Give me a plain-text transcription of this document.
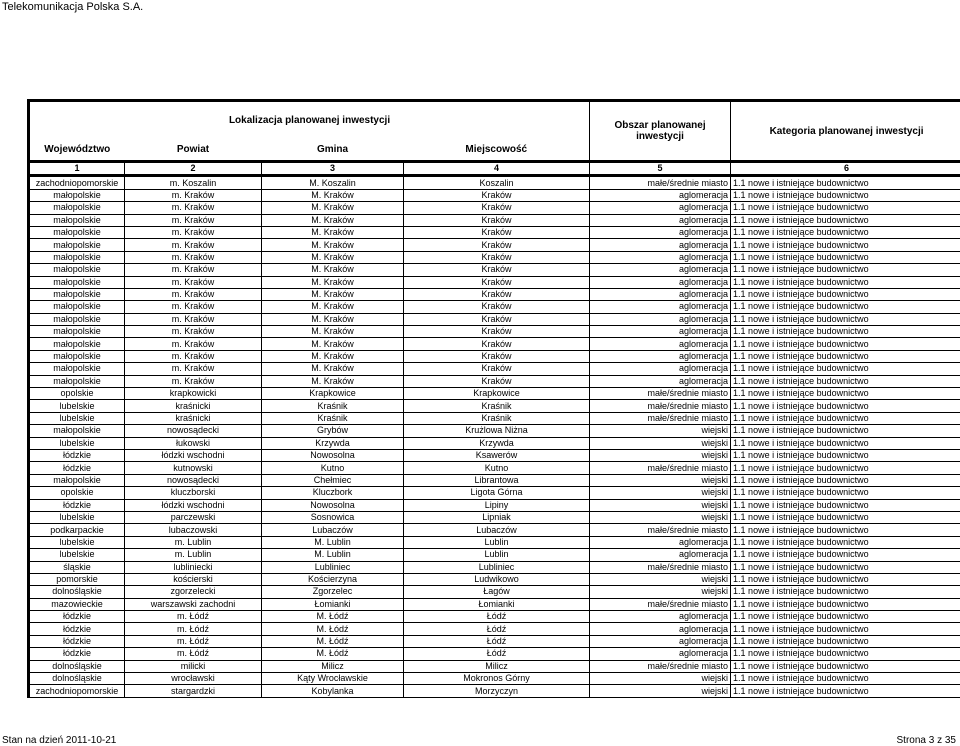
Telekomunikacja Polska S.A.
Inwestycje na etapie planowania
w ramach realizacji Deklaracji Inwestycyjnej Telekomunikacji Polskiej
dotyczącej Porozumienia z UKE z dn. 22 października 2009
Lokalizacja planowanej inwestycji				Obszar planowanej inwestycji	Kategoria planowanej inwestycji
Województwo	Powiat	Gmina	Miejscowość		
1	2	3	4	5	6
zachodniopomorskie	m. Koszalin	M. Koszalin	Koszalin	małe/średnie miasto	1.1 nowe i istniejące budownictwo
małopolskie	m. Kraków	M. Kraków	Kraków	aglomeracja	1.1 nowe i istniejące budownictwo
małopolskie	m. Kraków	M. Kraków	Kraków	aglomeracja	1.1 nowe i istniejące budownictwo
małopolskie	m. Kraków	M. Kraków	Kraków	aglomeracja	1.1 nowe i istniejące budownictwo
małopolskie	m. Kraków	M. Kraków	Kraków	aglomeracja	1.1 nowe i istniejące budownictwo
małopolskie	m. Kraków	M. Kraków	Kraków	aglomeracja	1.1 nowe i istniejące budownictwo
małopolskie	m. Kraków	M. Kraków	Kraków	aglomeracja	1.1 nowe i istniejące budownictwo
małopolskie	m. Kraków	M. Kraków	Kraków	aglomeracja	1.1 nowe i istniejące budownictwo
małopolskie	m. Kraków	M. Kraków	Kraków	aglomeracja	1.1 nowe i istniejące budownictwo
małopolskie	m. Kraków	M. Kraków	Kraków	aglomeracja	1.1 nowe i istniejące budownictwo
małopolskie	m. Kraków	M. Kraków	Kraków	aglomeracja	1.1 nowe i istniejące budownictwo
małopolskie	m. Kraków	M. Kraków	Kraków	aglomeracja	1.1 nowe i istniejące budownictwo
małopolskie	m. Kraków	M. Kraków	Kraków	aglomeracja	1.1 nowe i istniejące budownictwo
małopolskie	m. Kraków	M. Kraków	Kraków	aglomeracja	1.1 nowe i istniejące budownictwo
małopolskie	m. Kraków	M. Kraków	Kraków	aglomeracja	1.1 nowe i istniejące budownictwo
małopolskie	m. Kraków	M. Kraków	Kraków	aglomeracja	1.1 nowe i istniejące budownictwo
małopolskie	m. Kraków	M. Kraków	Kraków	aglomeracja	1.1 nowe i istniejące budownictwo
opolskie	krapkowicki	Krapkowice	Krapkowice	małe/średnie miasto	1.1 nowe i istniejące budownictwo
lubelskie	kraśnicki	Kraśnik	Kraśnik	małe/średnie miasto	1.1 nowe i istniejące budownictwo
lubelskie	kraśnicki	Kraśnik	Kraśnik	małe/średnie miasto	1.1 nowe i istniejące budownictwo
małopolskie	nowosądecki	Grybów	Krużlowa Niżna	wiejski	1.1 nowe i istniejące budownictwo
lubelskie	łukowski	Krzywda	Krzywda	wiejski	1.1 nowe i istniejące budownictwo
łódzkie	łódzki wschodni	Nowosolna	Ksawerów	wiejski	1.1 nowe i istniejące budownictwo
łódzkie	kutnowski	Kutno	Kutno	małe/średnie miasto	1.1 nowe i istniejące budownictwo
małopolskie	nowosądecki	Chełmiec	Librantowa	wiejski	1.1 nowe i istniejące budownictwo
opolskie	kluczborski	Kluczbork	Ligota Górna	wiejski	1.1 nowe i istniejące budownictwo
łódzkie	łódzki wschodni	Nowosolna	Lipiny	wiejski	1.1 nowe i istniejące budownictwo
lubelskie	parczewski	Sosnowica	Lipniak	wiejski	1.1 nowe i istniejące budownictwo
podkarpackie	lubaczowski	Lubaczów	Lubaczów	małe/średnie miasto	1.1 nowe i istniejące budownictwo
lubelskie	m. Lublin	M. Lublin	Lublin	aglomeracja	1.1 nowe i istniejące budownictwo
lubelskie	m. Lublin	M. Lublin	Lublin	aglomeracja	1.1 nowe i istniejące budownictwo
śląskie	lubliniecki	Lubliniec	Lubliniec	małe/średnie miasto	1.1 nowe i istniejące budownictwo
pomorskie	kościerski	Kościerzyna	Ludwikowo	wiejski	1.1 nowe i istniejące budownictwo
dolnośląskie	zgorzelecki	Zgorzelec	Łagów	wiejski	1.1 nowe i istniejące budownictwo
mazowieckie	warszawski zachodni	Łomianki	Łomianki	małe/średnie miasto	1.1 nowe i istniejące budownictwo
łódzkie	m. Łódź	M. Łódź	Łódź	aglomeracja	1.1 nowe i istniejące budownictwo
łódzkie	m. Łódź	M. Łódź	Łódź	aglomeracja	1.1 nowe i istniejące budownictwo
łódzkie	m. Łódź	M. Łódź	Łódź	aglomeracja	1.1 nowe i istniejące budownictwo
łódzkie	m. Łódź	M. Łódź	Łódź	aglomeracja	1.1 nowe i istniejące budownictwo
dolnośląskie	milicki	Milicz	Milicz	małe/średnie miasto	1.1 nowe i istniejące budownictwo
dolnośląskie	wrocławski	Kąty Wrocławskie	Mokronos Górny	wiejski	1.1 nowe i istniejące budownictwo
zachodniopomorskie	stargardzki	Kobylanka	Morzyczyn	wiejski	1.1 nowe i istniejące budownictwo
Stan na dzień 2011-10-21	Strona 3 z 35
